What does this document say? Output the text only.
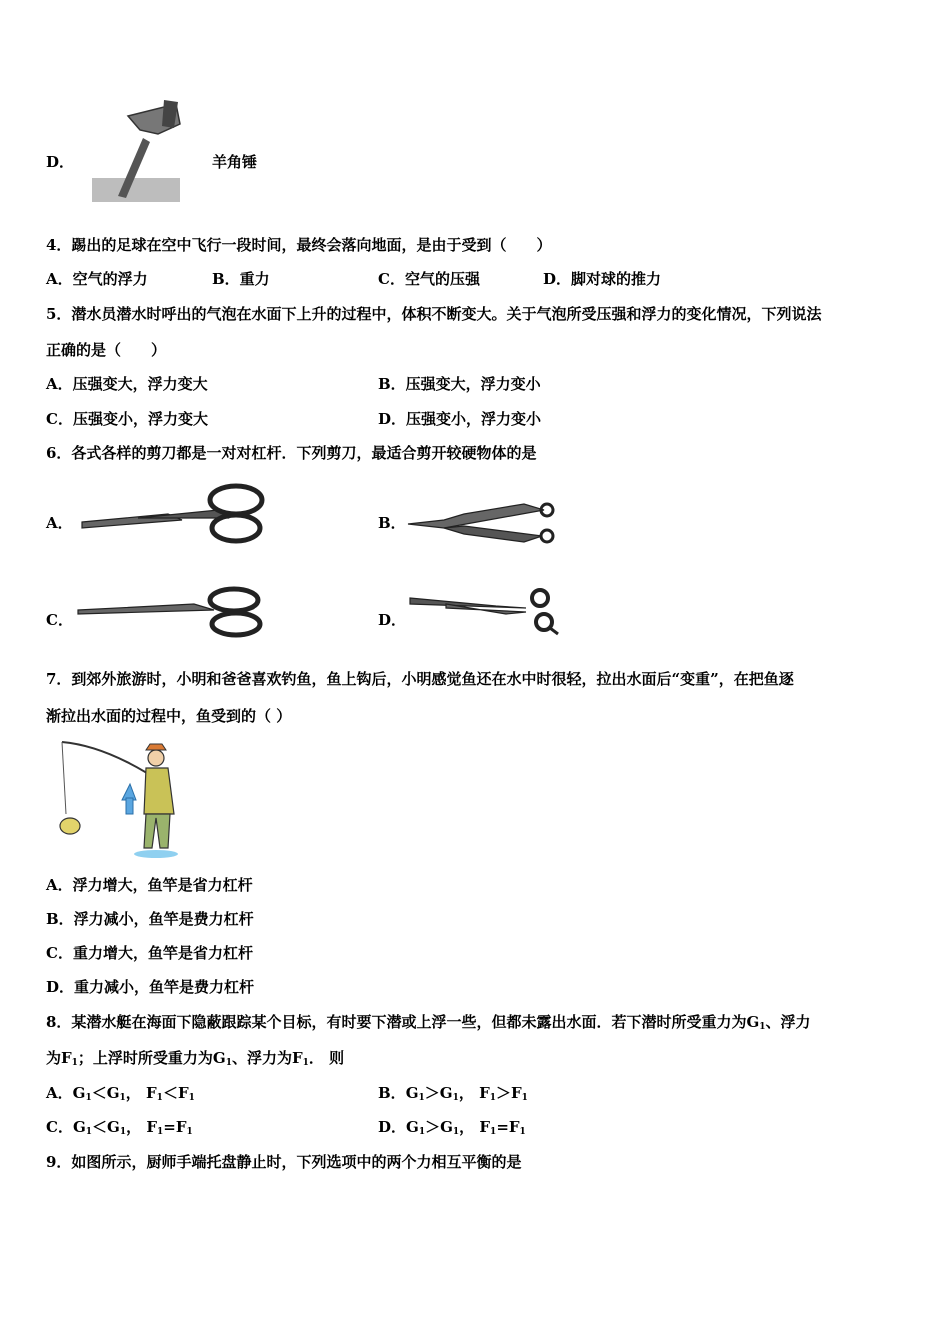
D．	羊角锤
4．踢出的足球在空中飞行一段时间，最终会落向地面，是由于受到（　　）
A．空气的浮力	B．重力	C．空气的压强	D．脚对球的推力
5．潜水员潜水时呼出的气泡在水面下上升的过程中，体积不断变大。关于气泡所受压强和浮力的变化情况，下列说法
正确的是（　　）
A．压强变大，浮力变大	B．压强变大，浮力变小
C．压强变小，浮力变大	D．压强变小，浮力变小
6．各式各样的剪刀都是一对对杠杆．下列剪刀，最适合剪开较硬物体的是
A．	B．
C．	D．
7．到郊外旅游时，小明和爸爸喜欢钓鱼，鱼上钩后，小明感觉鱼还在水中时很轻，拉出水面后“变重”，在把鱼逐
渐拉出水面的过程中，鱼受到的（ ）
A．浮力增大，鱼竿是省力杠杆
B．浮力减小，鱼竿是费力杠杆
C．重力增大，鱼竿是省力杠杆
D．重力减小，鱼竿是费力杠杆
8．某潜水艇在海面下隐蔽跟踪某个目标，有时要下潜或上浮一些，但都未露出水面．若下潜时所受重力为$G_1$、浮力
为$F_1$；上浮时所受重力为$G_1$、浮力为$F_1$． 则
A．$G_1<G_1$， $F_1<F_1$	B．$G_1>G_1$， $F_1>F_1$
C．$G_1<G_1$， $F_1=F_1$	D．$G_1>G_1$， $F_1=F_1$
9．如图所示，厨师手端托盘静止时，下列选项中的两个力相互平衡的是
